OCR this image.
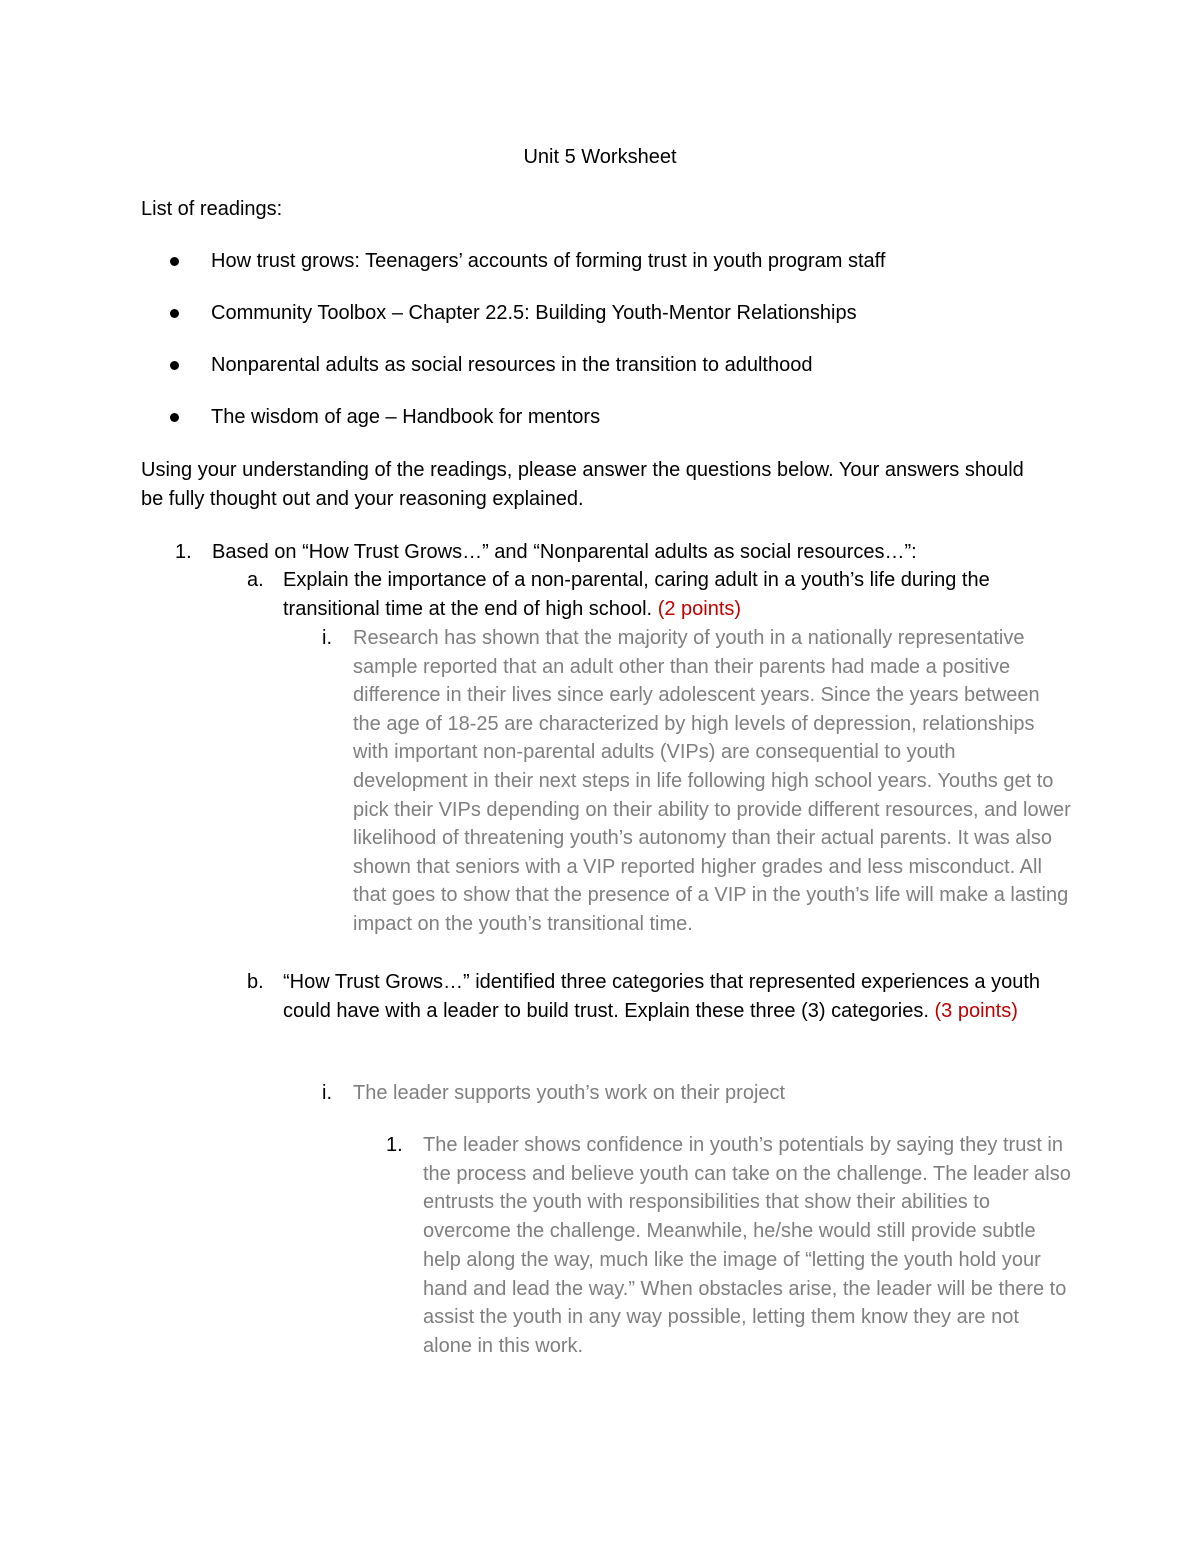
Unit 5 Worksheet
List of readings:
How trust grows: Teenagers’ accounts of forming trust in youth program staff
Community Toolbox – Chapter 22.5: Building Youth-Mentor Relationships
Nonparental adults as social resources in the transition to adulthood
The wisdom of age – Handbook for mentors
Using your understanding of the readings, please answer the questions below. Your answers should be fully thought out and your reasoning explained.
1. Based on “How Trust Grows…” and “Nonparental adults as social resources…”:
a. Explain the importance of a non-parental, caring adult in a youth’s life during the transitional time at the end of high school. (2 points)
i. Research has shown that the majority of youth in a nationally representative sample reported that an adult other than their parents had made a positive difference in their lives since early adolescent years. Since the years between the age of 18-25 are characterized by high levels of depression, relationships with important non-parental adults (VIPs) are consequential to youth development in their next steps in life following high school years. Youths get to pick their VIPs depending on their ability to provide different resources, and lower likelihood of threatening youth’s autonomy than their actual parents. It was also shown that seniors with a VIP reported higher grades and less misconduct. All that goes to show that the presence of a VIP in the youth’s life will make a lasting impact on the youth’s transitional time.
b. “How Trust Grows…” identified three categories that represented experiences a youth could have with a leader to build trust. Explain these three (3) categories. (3 points)
i. The leader supports youth’s work on their project
1. The leader shows confidence in youth’s potentials by saying they trust in the process and believe youth can take on the challenge. The leader also entrusts the youth with responsibilities that show their abilities to overcome the challenge. Meanwhile, he/she would still provide subtle help along the way, much like the image of “letting the youth hold your hand and lead the way.” When obstacles arise, the leader will be there to assist the youth in any way possible, letting them know they are not alone in this work.
